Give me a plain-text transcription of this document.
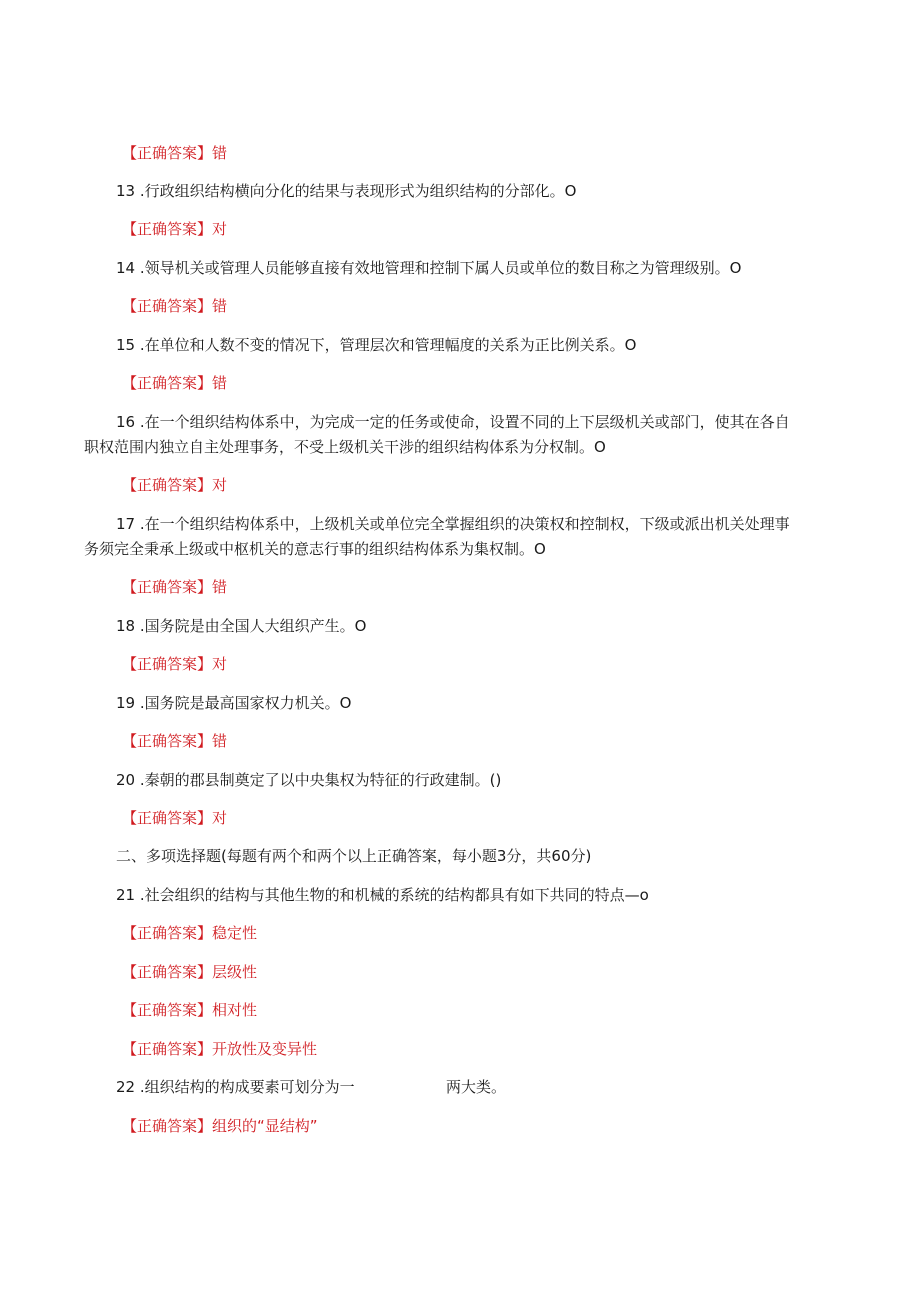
【正确答案】错
13 .行政组织结构横向分化的结果与表现形式为组织结构的分部化。O
【正确答案】对
14 .领导机关或管理人员能够直接有效地管理和控制下属人员或单位的数目称之为管理级别。O
【正确答案】错
15 .在单位和人数不变的情况下，管理层次和管理幅度的关系为正比例关系。O
【正确答案】错
16 .在一个组织结构体系中，为完成一定的任务或使命，设置不同的上下层级机关或部门，使其在各自
职权范围内独立自主处理事务，不受上级机关干涉的组织结构体系为分权制。O
【正确答案】对
17 .在一个组织结构体系中，上级机关或单位完全掌握组织的决策权和控制权，下级或派出机关处理事
务须完全秉承上级或中枢机关的意志行事的组织结构体系为集权制。O
【正确答案】错
18 .国务院是由全国人大组织产生。O
【正确答案】对
19 .国务院是最高国家权力机关。O
【正确答案】错
20 .秦朝的郡县制奠定了以中央集权为特征的行政建制。()
【正确答案】对
二、多项选择题(每题有两个和两个以上正确答案，每小题3分，共60分)
21 .社会组织的结构与其他生物的和机械的系统的结构都具有如下共同的特点—o
【正确答案】稳定性
【正确答案】层级性
【正确答案】相对性
【正确答案】开放性及变异性
22 .组织结构的构成要素可划分为一	两大类。
【正确答案】组织的“显结构”
